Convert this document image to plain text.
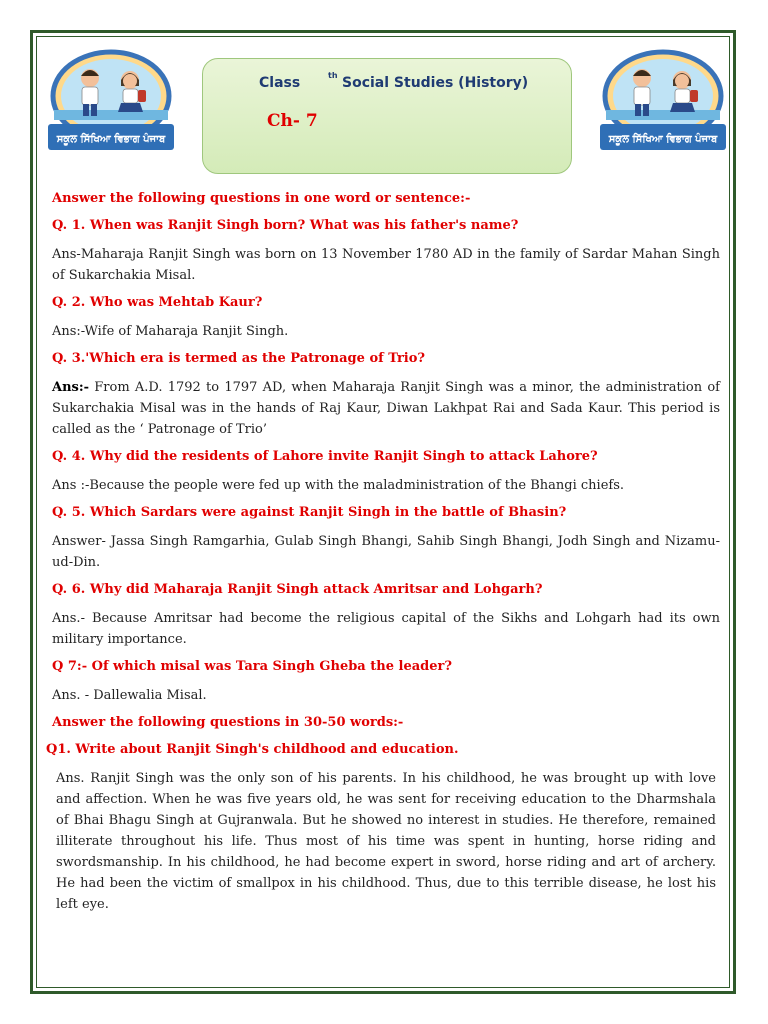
ਸਕੂਲ ਸਿੱਖਿਆ ਵਿਭਾਗ ਪੰਜਾਬ	ਸਕੂਲ ਸਿੱਖਿਆ ਵਿਭਾਗ ਪੰਜਾਬ
Class	th Social Studies (History)
Ch- 7

Answer the following questions in one word or sentence:-

Q. 1. When was Ranjit Singh born? What was his father's name?

Ans-Maharaja Ranjit Singh was born on 13 November 1780 AD in the family of Sardar Mahan Singh of Sukarchakia Misal.

Q. 2. Who was Mehtab Kaur?

Ans:-Wife of Maharaja Ranjit Singh.

Q. 3.'Which era is termed as the Patronage of Trio?

Ans:- From A.D. 1792 to 1797 AD, when Maharaja Ranjit Singh was a minor, the administration of Sukarchakia Misal was in the hands of Raj Kaur, Diwan Lakhpat Rai and Sada Kaur. This period is called as the ‘ Patronage of Trio’

Q. 4. Why did the residents of Lahore invite Ranjit Singh to attack Lahore?

Ans :-Because the people were fed up with the maladministration of the Bhangi chiefs.

Q. 5. Which Sardars were against Ranjit Singh in the battle of Bhasin?

Answer- Jassa Singh Ramgarhia, Gulab Singh Bhangi, Sahib Singh Bhangi, Jodh Singh and Nizamu-ud-Din.

Q. 6. Why did Maharaja Ranjit Singh attack Amritsar and Lohgarh?

Ans.- Because Amritsar had become the religious capital of the Sikhs and Lohgarh had its own military importance.

Q 7:- Of which misal was Tara Singh Gheba the leader?

Ans. - Dallewalia Misal.

Answer the following questions in 30-50 words:-

Q1. Write about Ranjit Singh's childhood and education.

Ans. Ranjit Singh was the only son of his parents. In his childhood, he was brought up with love and affection. When he was five years old, he was sent for receiving education to the Dharmshala of Bhai Bhagu Singh at Gujranwala. But he showed no interest in studies. He therefore, remained illiterate throughout his life. Thus most of his time was spent in hunting, horse riding and swordsmanship. In his childhood, he had become expert in sword, horse riding and art of archery. He had been the victim of smallpox in his childhood. Thus, due to this terrible disease, he lost his left eye.
